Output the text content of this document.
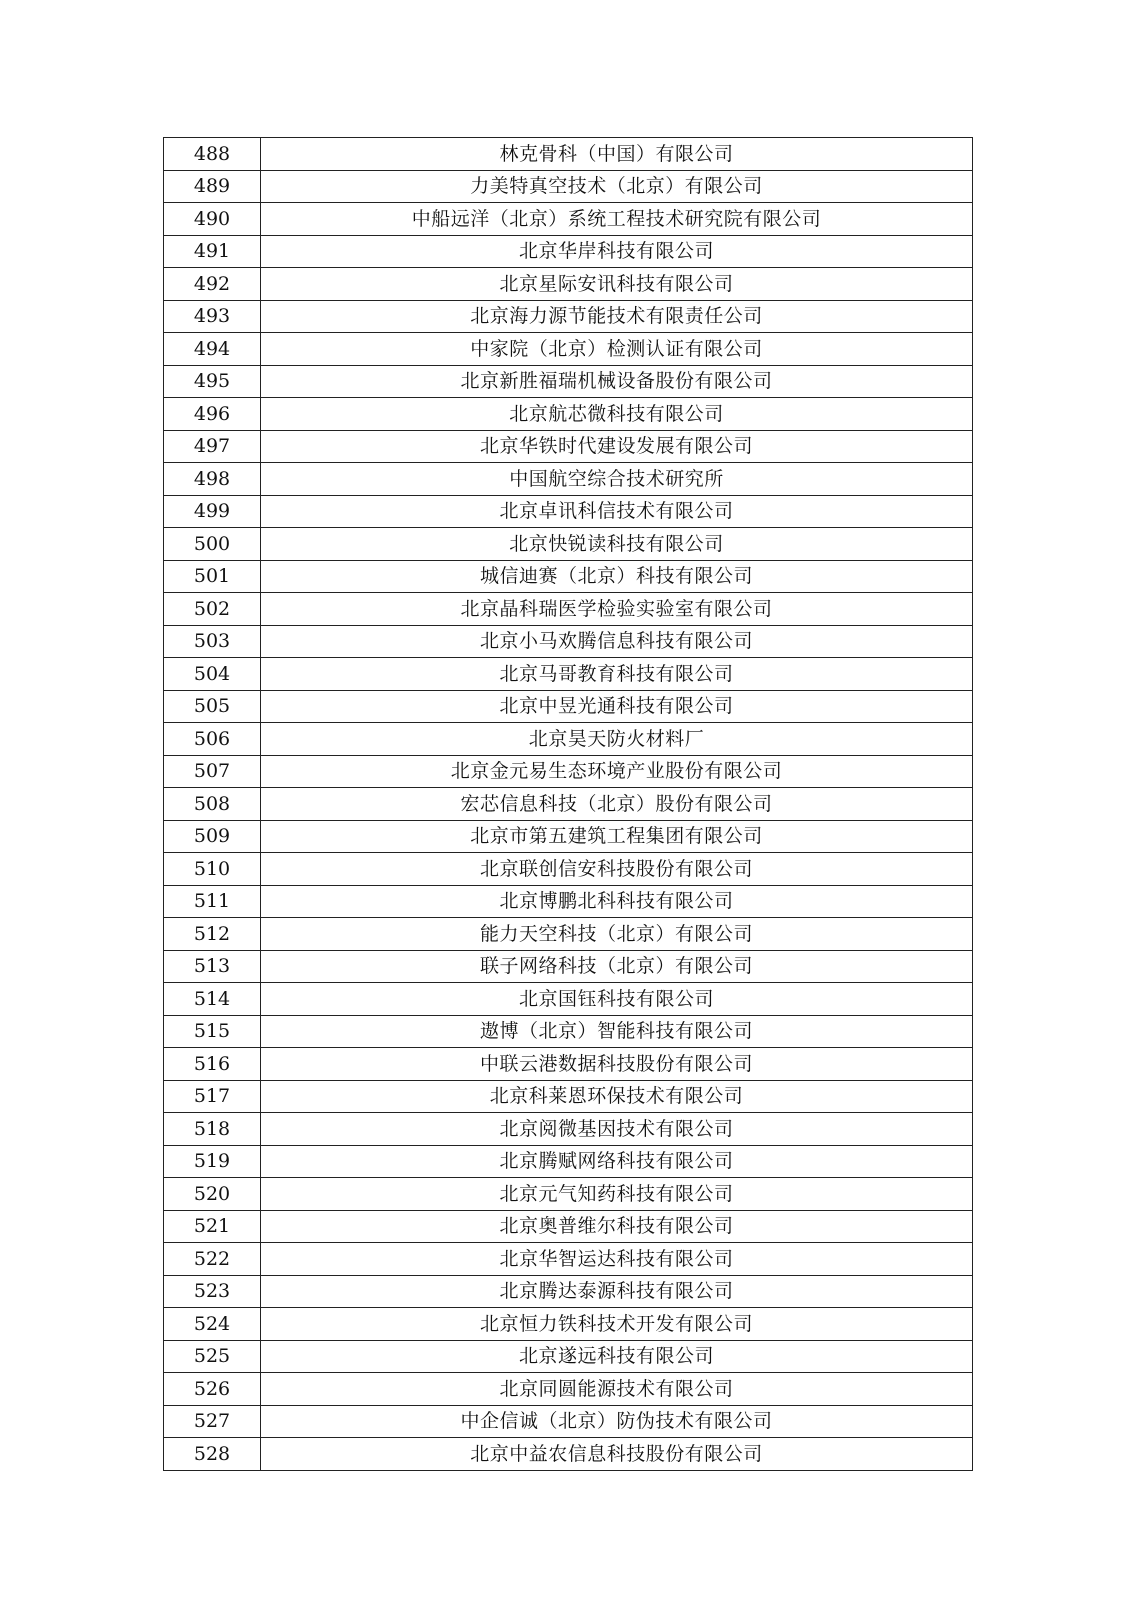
488	林克骨科（中国）有限公司
489	力美特真空技术（北京）有限公司
490	中船远洋（北京）系统工程技术研究院有限公司
491	北京华岸科技有限公司
492	北京星际安讯科技有限公司
493	北京海力源节能技术有限责任公司
494	中家院（北京）检测认证有限公司
495	北京新胜福瑞机械设备股份有限公司
496	北京航芯微科技有限公司
497	北京华铁时代建设发展有限公司
498	中国航空综合技术研究所
499	北京卓讯科信技术有限公司
500	北京快锐读科技有限公司
501	城信迪赛（北京）科技有限公司
502	北京晶科瑞医学检验实验室有限公司
503	北京小马欢腾信息科技有限公司
504	北京马哥教育科技有限公司
505	北京中昱光通科技有限公司
506	北京昊天防火材料厂
507	北京金元易生态环境产业股份有限公司
508	宏芯信息科技（北京）股份有限公司
509	北京市第五建筑工程集团有限公司
510	北京联创信安科技股份有限公司
511	北京博鹏北科科技有限公司
512	能力天空科技（北京）有限公司
513	联子网络科技（北京）有限公司
514	北京国钰科技有限公司
515	遨博（北京）智能科技有限公司
516	中联云港数据科技股份有限公司
517	北京科莱恩环保技术有限公司
518	北京阅微基因技术有限公司
519	北京腾赋网络科技有限公司
520	北京元气知药科技有限公司
521	北京奥普维尔科技有限公司
522	北京华智运达科技有限公司
523	北京腾达泰源科技有限公司
524	北京恒力铁科技术开发有限公司
525	北京遂远科技有限公司
526	北京同圆能源技术有限公司
527	中企信诚（北京）防伪技术有限公司
528	北京中益农信息科技股份有限公司
